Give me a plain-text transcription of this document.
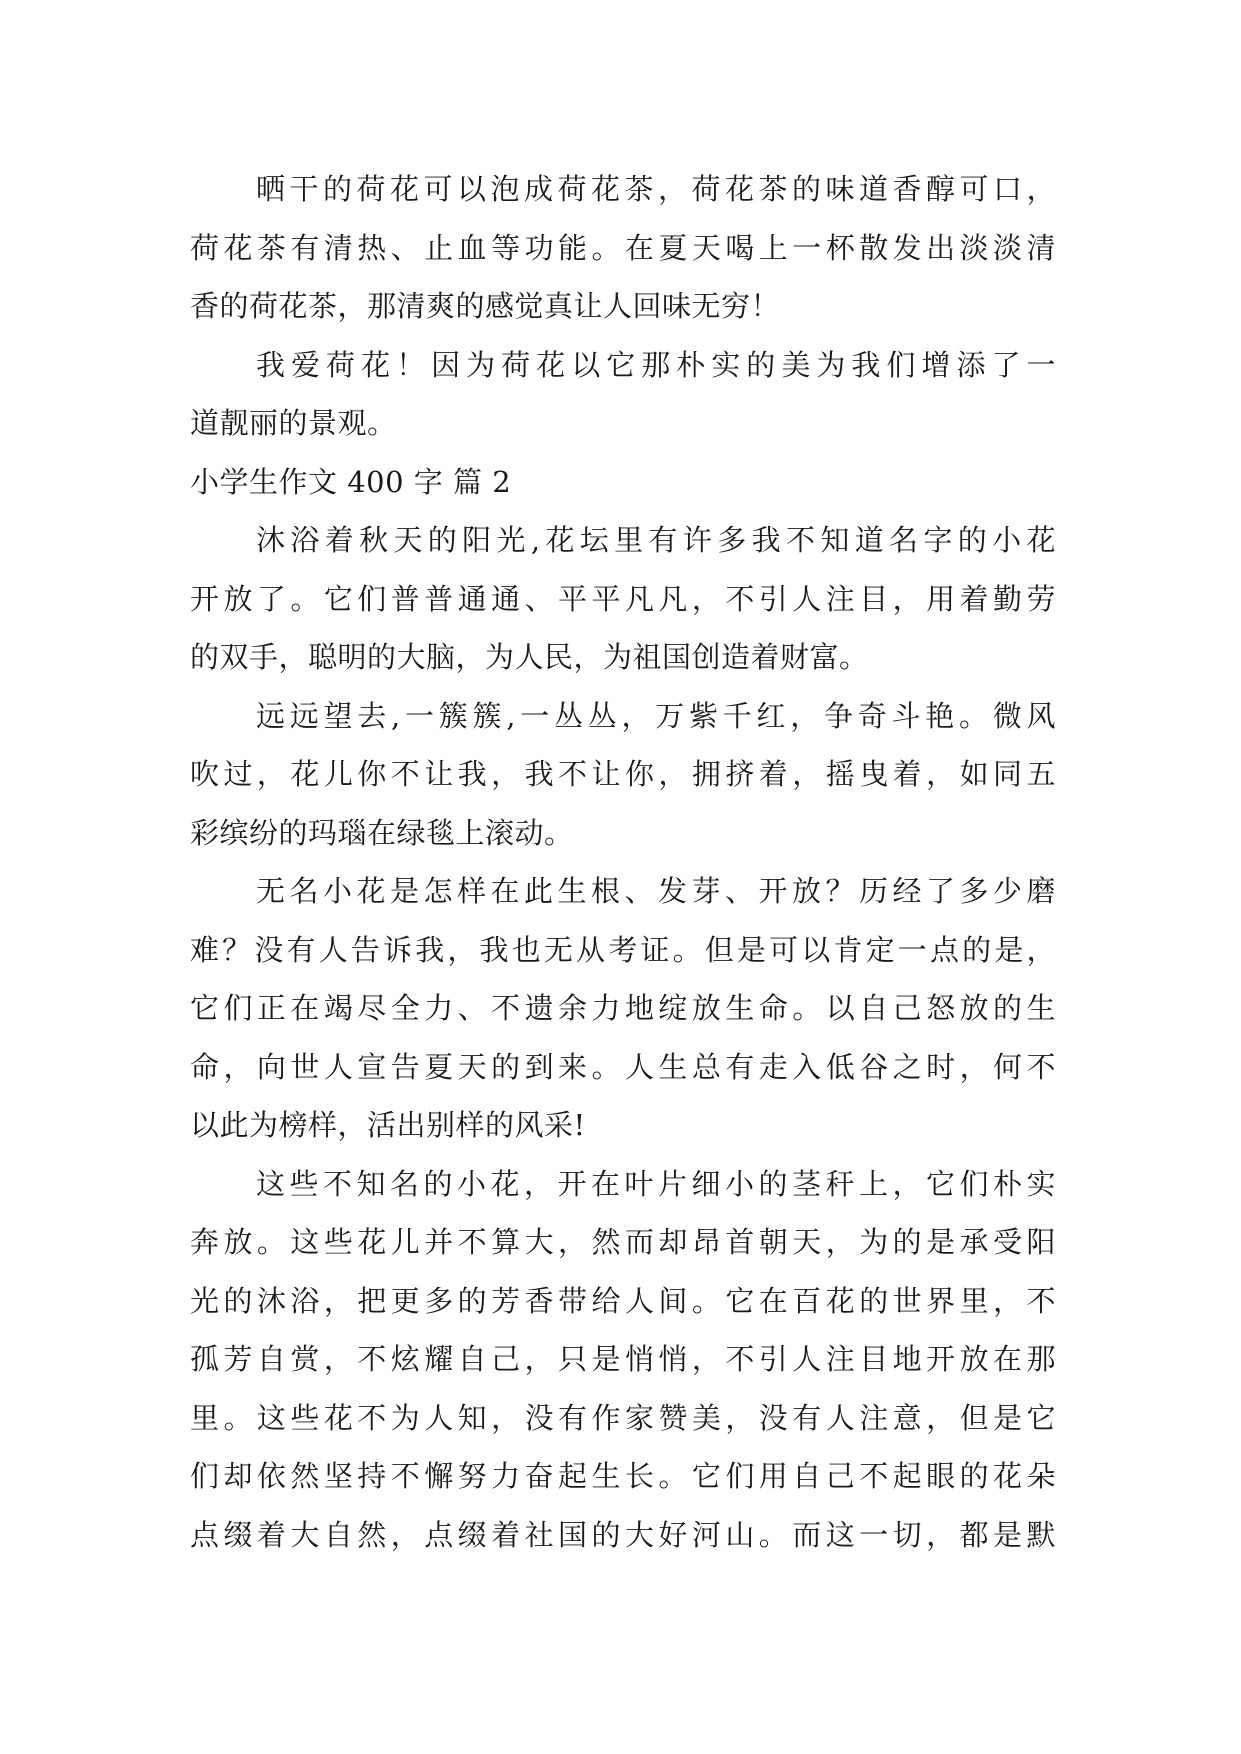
晒干的荷花可以泡成荷花茶，荷花茶的味道香醇可口，
荷花茶有清热、止血等功能。在夏天喝上一杯散发出淡淡清
香的荷花茶，那清爽的感觉真让人回味无穷！
我爱荷花！因为荷花以它那朴实的美为我们增添了一
道靓丽的景观。
小学生作文 400 字 篇 2
沐浴着秋天的阳光,花坛里有许多我不知道名字的小花
开放了。它们普普通通、平平凡凡，不引人注目，用着勤劳
的双手，聪明的大脑，为人民，为祖国创造着财富。
远远望去,一簇簇,一丛丛，万紫千红，争奇斗艳。微风
吹过，花儿你不让我，我不让你，拥挤着，摇曳着，如同五
彩缤纷的玛瑙在绿毯上滚动。
无名小花是怎样在此生根、发芽、开放？历经了多少磨
难？没有人告诉我，我也无从考证。但是可以肯定一点的是，
它们正在竭尽全力、不遗余力地绽放生命。以自己怒放的生
命，向世人宣告夏天的到来。人生总有走入低谷之时，何不
以此为榜样，活出别样的风采!
这些不知名的小花，开在叶片细小的茎秆上，它们朴实
奔放。这些花儿并不算大，然而却昂首朝天，为的是承受阳
光的沐浴，把更多的芳香带给人间。它在百花的世界里，不
孤芳自赏，不炫耀自己，只是悄悄，不引人注目地开放在那
里。这些花不为人知，没有作家赞美，没有人注意，但是它
们却依然坚持不懈努力奋起生长。它们用自己不起眼的花朵
点缀着大自然，点缀着社国的大好河山。而这一切，都是默
